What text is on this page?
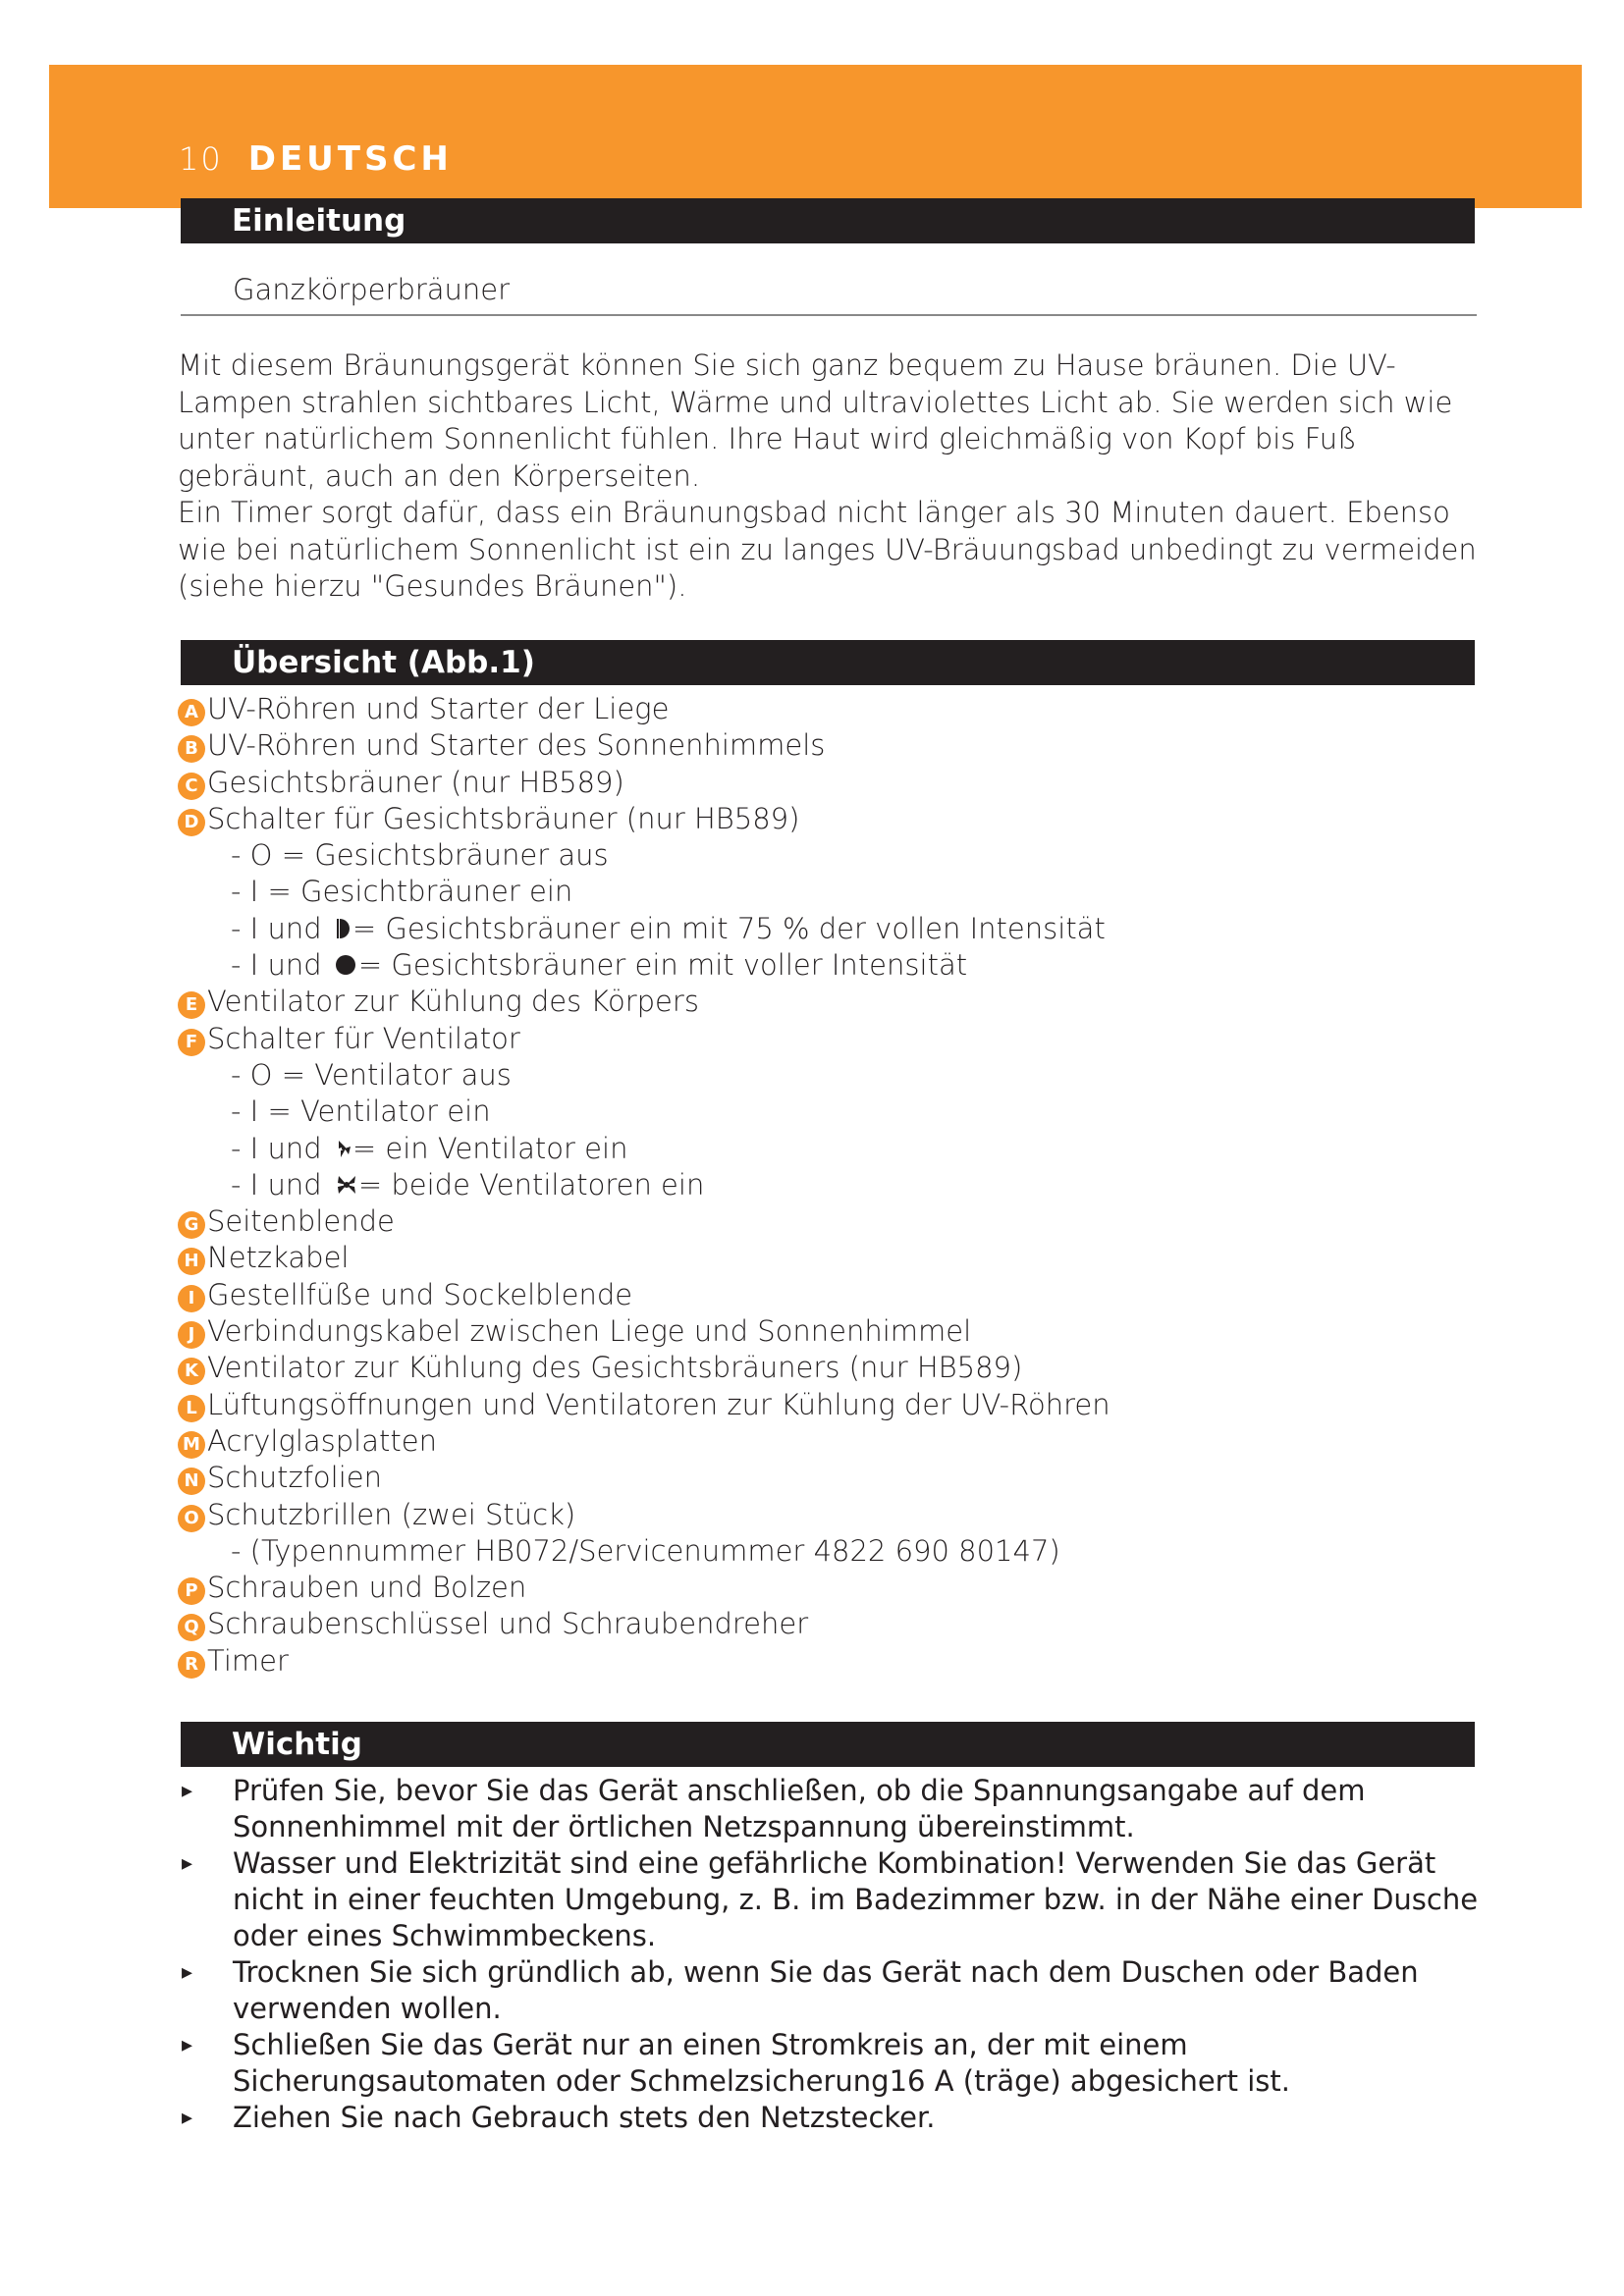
10 DEUTSCH
Einleitung
Ganzkörperbräuner

Mit diesem Bräunungsgerät können Sie sich ganz bequem zu Hause bräunen. Die UV-Lampen strahlen sichtbares Licht, Wärme und ultraviolettes Licht ab. Sie werden sich wie unter natürlichem Sonnenlicht fühlen. Ihre Haut wird gleichmäßig von Kopf bis Fuß gebräunt, auch an den Körperseiten.

Ein Timer sorgt dafür, dass ein Bräunungsbad nicht länger als 30 Minuten dauert. Ebenso wie bei natürlichem Sonnenlicht ist ein zu langes UV-Bräuungsbad unbedingt zu vermeiden (siehe hierzu "Gesundes Bräunen").

Übersicht (Abb.1)
A UV-Röhren und Starter der Liege
B UV-Röhren und Starter des Sonnenhimmels
C Gesichtsbräuner (nur HB589)
D Schalter für Gesichtsbräuner (nur HB589)
- O = Gesichtsbräuner aus
- I = Gesichtbräuner ein
- I und = Gesichtsbräuner ein mit 75 % der vollen Intensität
- I und = Gesichtsbräuner ein mit voller Intensität
E Ventilator zur Kühlung des Körpers
F Schalter für Ventilator
- O = Ventilator aus
- I = Ventilator ein
- I und = ein Ventilator ein
- I und = beide Ventilatoren ein
G Seitenblende
H Netzkabel
I Gestellfüße und Sockelblende
J Verbindungskabel zwischen Liege und Sonnenhimmel
K Ventilator zur Kühlung des Gesichtsbräuners (nur HB589)
L Lüftungsöffnungen und Ventilatoren zur Kühlung der UV-Röhren
M Acrylglasplatten
N Schutzfolien
O Schutzbrillen (zwei Stück)
- (Typennummer HB072/Servicenummer 4822 690 80147)
P Schrauben und Bolzen
Q Schraubenschlüssel und Schraubendreher
R Timer
Wichtig
▸ Prüfen Sie, bevor Sie das Gerät anschließen, ob die Spannungsangabe auf dem Sonnenhimmel mit der örtlichen Netzspannung übereinstimmt.
▸ Wasser und Elektrizität sind eine gefährliche Kombination! Verwenden Sie das Gerät nicht in einer feuchten Umgebung, z. B. im Badezimmer bzw. in der Nähe einer Dusche oder eines Schwimmbeckens.
▸ Trocknen Sie sich gründlich ab, wenn Sie das Gerät nach dem Duschen oder Baden verwenden wollen.
▸ Schließen Sie das Gerät nur an einen Stromkreis an, der mit einem Sicherungsautomaten oder Schmelzsicherung16 A (träge) abgesichert ist.
▸ Ziehen Sie nach Gebrauch stets den Netzstecker.
